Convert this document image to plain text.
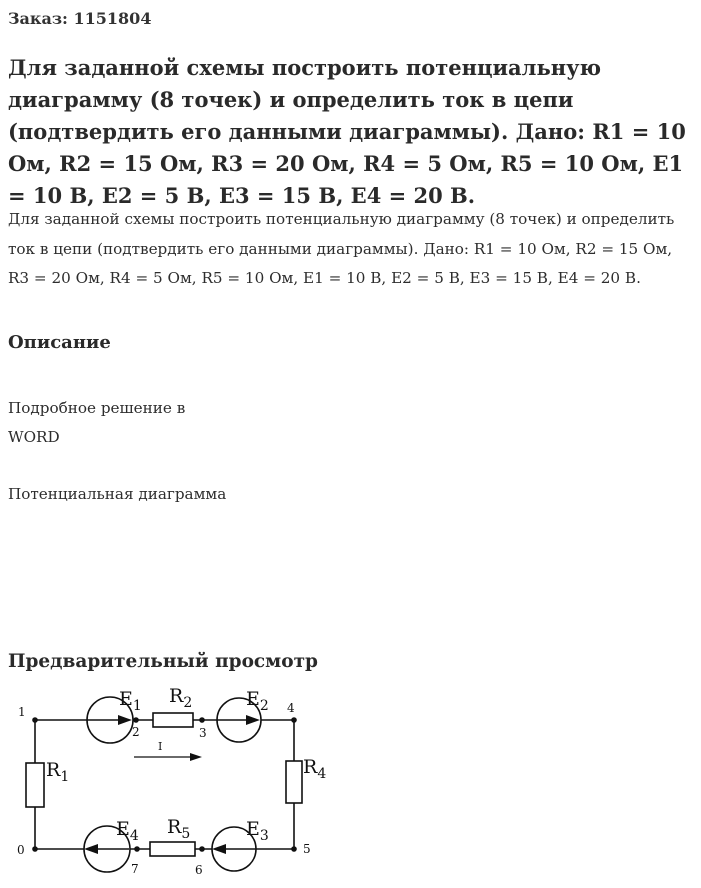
Заказ: 1151804
Для заданной схемы построить потенциальную диаграмму (8 точек) и определить ток в цепи (подтвердить его данными диаграммы). Дано: R1 = 10 Ом, R2 = 15 Ом, R3 = 20 Ом, R4 = 5 Ом, R5 = 10 Ом, E1 = 10 В, E2 = 5 В, E3 = 15 В, E4 = 20 В.

Для заданной схемы построить потенциальную диаграмму (8 точек) и определить ток в цепи (подтвердить его данными диаграммы). Дано: R1 = 10 Ом, R2 = 15 Ом, R3 = 20 Ом, R4 = 5 Ом, R5 = 10 Ом, E1 = 10 В, E2 = 5 В, E3 = 15 В, E4 = 20 В.

Описание

Подробное решение в WORD

Потенциальная диаграмма

Предварительный просмотр
I
1
2	3
4
5
6
7
0
$R_1$
$R_2$
$R_4$
$R_5$
$E_1$	$E_2$
$E_3$
$E_4$
